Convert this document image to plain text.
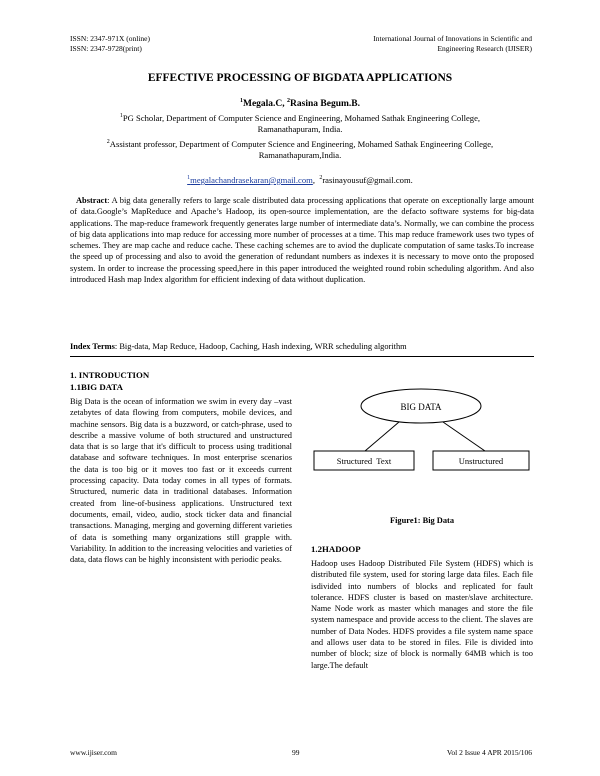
ISSN: 2347-971X (online)
ISSN: 2347-9728(print)
International Journal of Innovations in Scientific and
Engineering Research (IJISER)
EFFECTIVE PROCESSING OF BIGDATA APPLICATIONS
$^1$Megala.C, $^2$Rasina Begum.B.
$^1$PG Scholar, Department of Computer Science and Engineering, Mohamed Sathak Engineering College,
Ramanathapuram, India.
$^2$Assistant professor, Department of Computer Science and Engineering, Mohamed Sathak Engineering College,
Ramanathapuram,India.
$^1$megalachandrasekaran@gmail.com,  $^2$rasinayousuf@gmail.com.
Abstract: A big data generally refers to large scale distributed data processing applications that operate on exceptionally large amount of data.Google’s MapReduce and Apache’s Hadoop, its open-source implementation, are the defacto software systems for big-data applications. The map-reduce framework frequently generates large number of intermediate data’s. Normally, we can combine the process of big data applications into map reduce for accessing more number of processes at a time. This map reduce framework uses two types of schemes. They are map cache and reduce cache. These caching schemes are to aviod the duplicate computation of same tasks.To increase the speed up of processing and also to avoid the generation of redundant numbers as indexes it is necessary to move onto the proposed system. In order to increase the processing speed,here in this paper introduced the weighted round robin scheduling algorithm. And also introduced Hash map Index algorithm for efficient indexing of data without duplication.
Index Terms: Big-data, Map Reduce, Hadoop, Caching, Hash indexing, WRR scheduling algorithm
1. INTRODUCTION
1.1BIG DATA
Big Data is the ocean of information we swim in every day –vast zetabytes of data flowing from computers, mobile devices, and machine sensors. Big data is a buzzword, or catch-phrase, used to describe a massive volume of both structured and unstructured data that is so large that it's difficult to process using traditional database and software techniques. In most enterprise scenarios the data is too big or it moves too fast or it exceeds current processing capacity. Data today comes in all types of formats. Structured, numeric data in traditional databases. Information created from line-of-business applications. Unstructured text documents, email, video, audio, stock ticker data and financial transactions. Managing, merging and governing different varieties of data is something many organizations still grapple with. Variability. In addition to the increasing velocities and varieties of data, data flows can be highly inconsistent with periodic peaks.
BIG DATA
Structured  Text	Unstructured
Figure1: Big Data
1.2HADOOP
Hadoop uses Hadoop Distributed File System (HDFS) which is distributed file system, used for storing large data files. Each file isdivided into numbers of blocks and replicated for fault tolerance. HDFS cluster is based on master/slave architecture. Name Node work as master which manages and store the file system namespace and provide access to the client. The slaves are number of Data Nodes. HDFS provides a file system name space and allows user data to be stored in files. File is divided into number of block; size of block is normally 64MB which is too large.The default
www.ijiser.com	99	Vol 2 Issue 4 APR 2015/106
